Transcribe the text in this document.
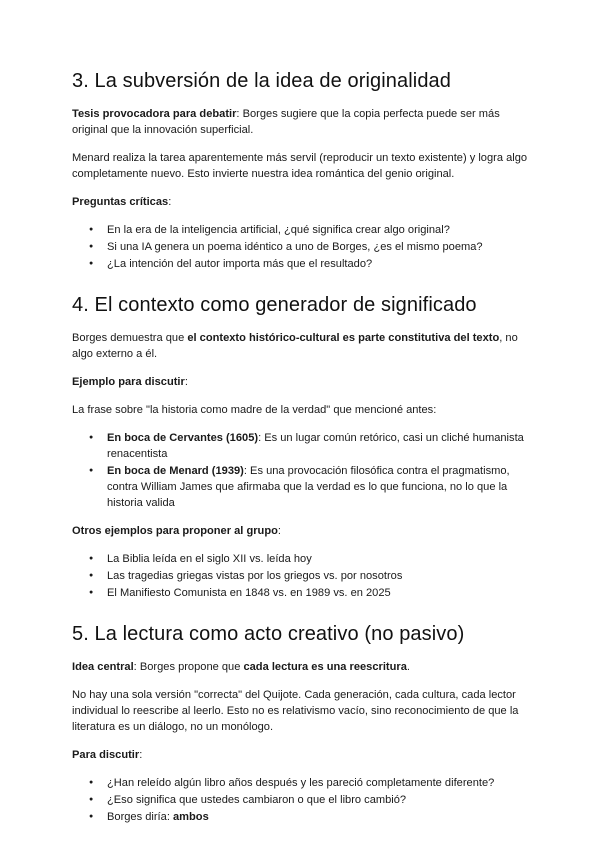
3. La subversión de la idea de originalidad

Tesis provocadora para debatir: Borges sugiere que la copia perfecta puede ser más original que la innovación superficial.

Menard realiza la tarea aparentemente más servil (reproducir un texto existente) y logra algo completamente nuevo. Esto invierte nuestra idea romántica del genio original.

Preguntas críticas:

● En la era de la inteligencia artificial, ¿qué significa crear algo original?
● Si una IA genera un poema idéntico a uno de Borges, ¿es el mismo poema?
● ¿La intención del autor importa más que el resultado?
4. El contexto como generador de significado

Borges demuestra que el contexto histórico-cultural es parte constitutiva del texto, no algo externo a él.

Ejemplo para discutir:

La frase sobre "la historia como madre de la verdad" que mencioné antes:

● En boca de Cervantes (1605): Es un lugar común retórico, casi un cliché humanista renacentista
● En boca de Menard (1939): Es una provocación filosófica contra el pragmatismo, contra William James que afirmaba que la verdad es lo que funciona, no lo que la historia valida

Otros ejemplos para proponer al grupo:

● La Biblia leída en el siglo XII vs. leída hoy
● Las tragedias griegas vistas por los griegos vs. por nosotros
● El Manifiesto Comunista en 1848 vs. en 1989 vs. en 2025
5. La lectura como acto creativo (no pasivo)

Idea central: Borges propone que cada lectura es una reescritura.

No hay una sola versión "correcta" del Quijote. Cada generación, cada cultura, cada lector individual lo reescribe al leerlo. Esto no es relativismo vacío, sino reconocimiento de que la literatura es un diálogo, no un monólogo.

Para discutir:

● ¿Han releído algún libro años después y les pareció completamente diferente?
● ¿Eso significa que ustedes cambiaron o que el libro cambió?
● Borges diría: ambos
